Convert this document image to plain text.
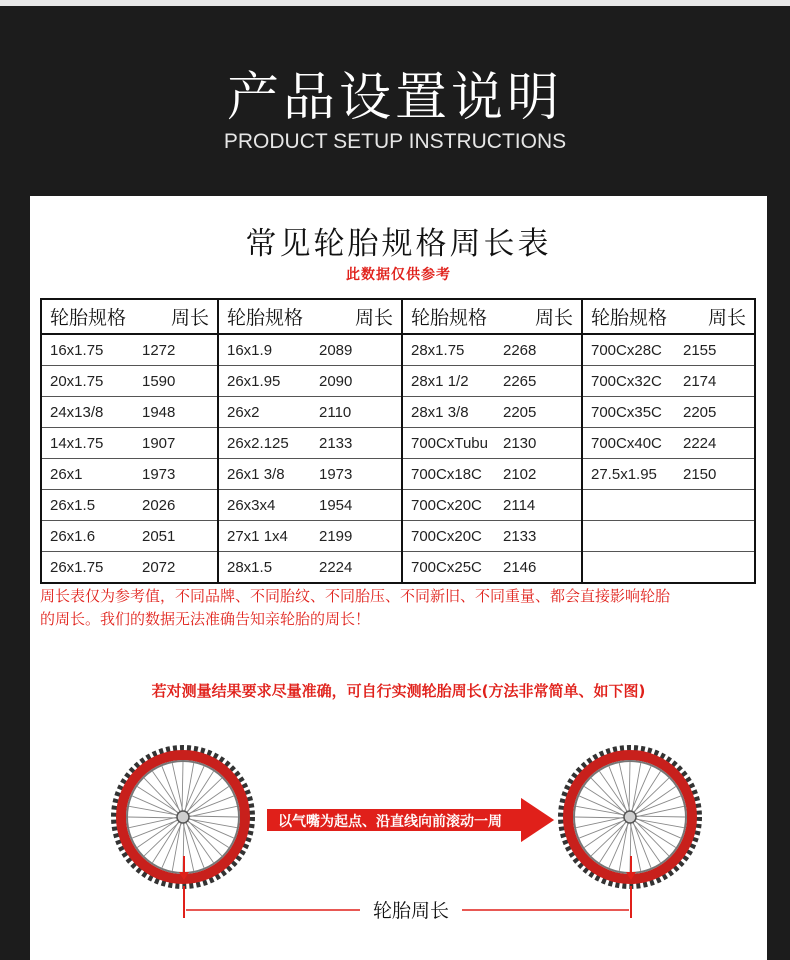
产品设置说明
PRODUCT SETUP INSTRUCTIONS
常见轮胎规格周长表
此数据仅供参考
轮胎规格 周长	轮胎规格 周长	轮胎规格 周长	轮胎规格 周长

16x1.75 1272	16x1.9 2089	28x1.75 2268	700Cx28C 2155
20x1.75 1590	26x1.95 2090	28x1 1/2 2265	700Cx32C 2174
24x13/8 1948	26x2 2110	28x1 3/8 2205	700Cx35C 2205
14x1.75 1907	26x2.125 2133	700CxTubu 2130	700Cx40C 2224
26x1 1973	26x1 3/8 1973	700Cx18C 2102	27.5x1.95 2150
26x1.5 2026	26x3x4 1954	700Cx20C 2114	
26x1.6 2051	27x1 1x4 2199	700Cx20C 2133	
26x1.75 2072	28x1.5 2224	700Cx25C 2146	
周长表仅为参考值，不同品牌、不同胎纹、不同胎压、不同新旧、不同重量、都会直接影响轮胎
的周长。我们的数据无法准确告知亲轮胎的周长！
若对测量结果要求尽量准确，可自行实测轮胎周长(方法非常简单、如下图)
以气嘴为起点、沿直线向前滚动一周
轮胎周长
